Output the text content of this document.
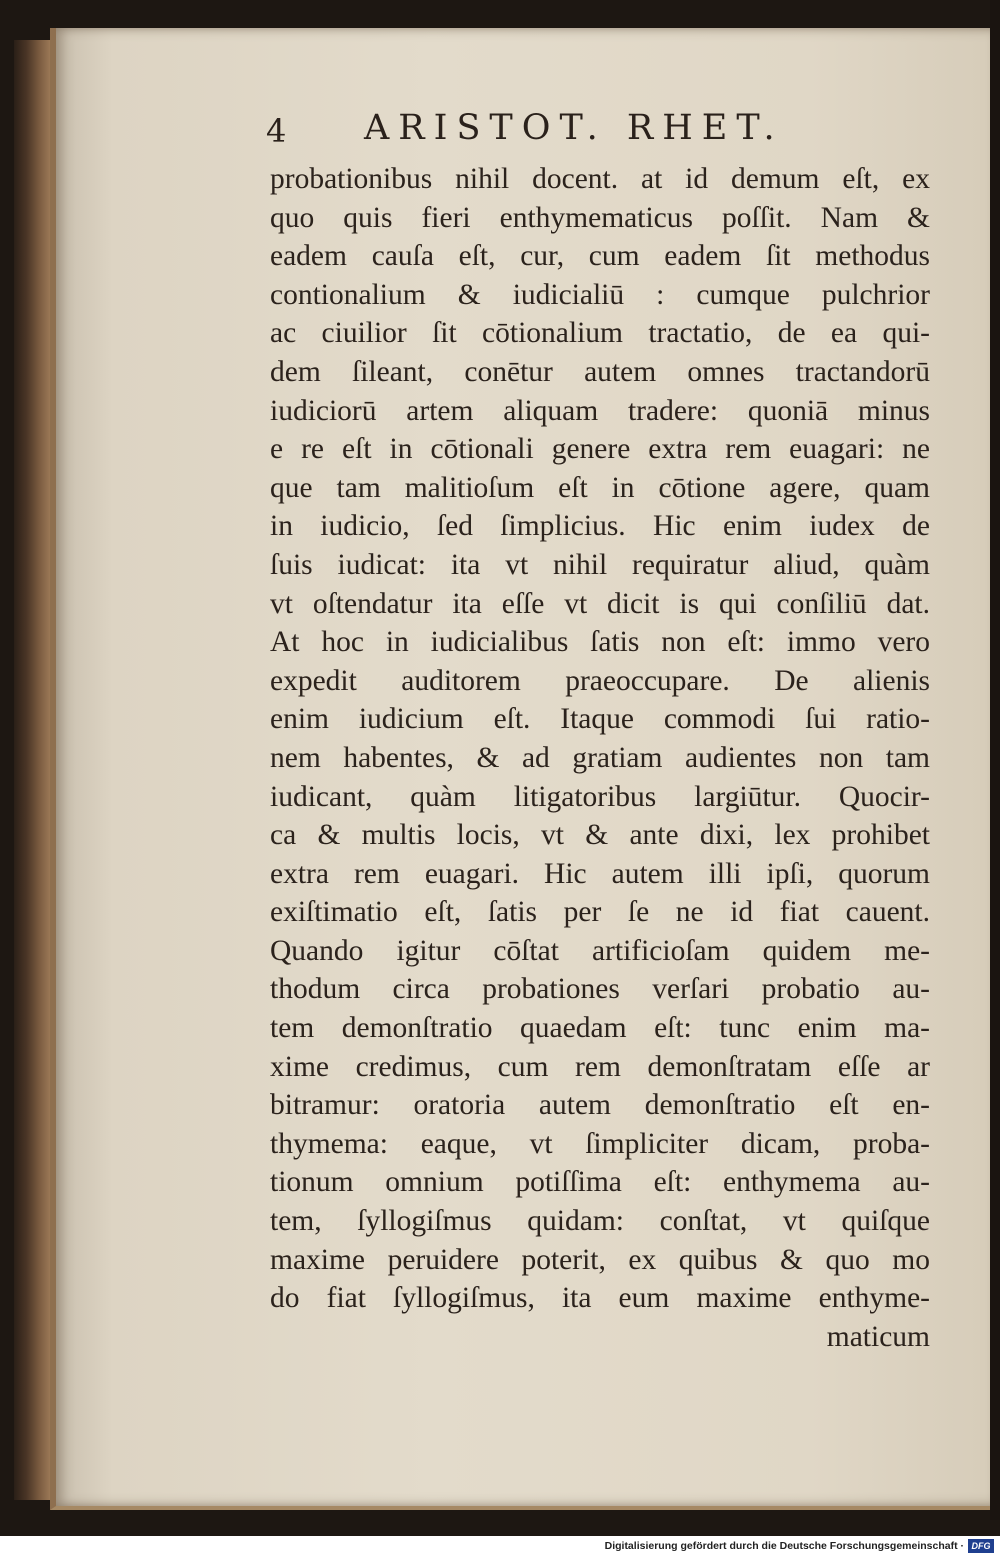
4 ARISTOT. RHET.
probationibus nihil docent. at id demum eſt, ex
quo quis fieri enthymematicus poſſit. Nam &
eadem cauſa eſt, cur, cum eadem ſit methodus
contionalium & iudicialiū : cumque pulchrior
ac ciuilior ſit cōtionalium tractatio, de ea qui-
dem ſileant, conētur autem omnes tractandorū
iudiciorū artem aliquam tradere: quoniā minus
e re eſt in cōtionali genere extra rem euagari: ne
que tam malitioſum eſt in cōtione agere, quam
in iudicio, ſed ſimplicius. Hic enim iudex de
ſuis iudicat: ita vt nihil requiratur aliud, quàm
vt oſtendatur ita eſſe vt dicit is qui conſiliū dat.
At hoc in iudicialibus ſatis non eſt: immo vero
expedit auditorem praeoccupare. De alienis
enim iudicium eſt. Itaque commodi ſui ratio-
nem habentes, & ad gratiam audientes non tam
iudicant, quàm litigatoribus largiūtur. Quocir-
ca & multis locis, vt & ante dixi, lex prohibet
extra rem euagari. Hic autem illi ipſi, quorum
exiſtimatio eſt, ſatis per ſe ne id fiat cauent.
Quando igitur cōſtat artificioſam quidem me-
thodum circa probationes verſari probatio au-
tem demonſtratio quaedam eſt: tunc enim ma-
xime credimus, cum rem demonſtratam eſſe ar
bitramur: oratoria autem demonſtratio eſt en-
thymema: eaque, vt ſimpliciter dicam, proba-
tionum omnium potiſſima eſt: enthymema au-
tem, ſyllogiſmus quidam: conſtat, vt quiſque
maxime peruidere poterit, ex quibus & quo mo
do fiat ſyllogiſmus, ita eum maxime enthyme-
maticum
Digitalisierung gefördert durch die Deutsche Forschungsgemeinschaft · DFG
